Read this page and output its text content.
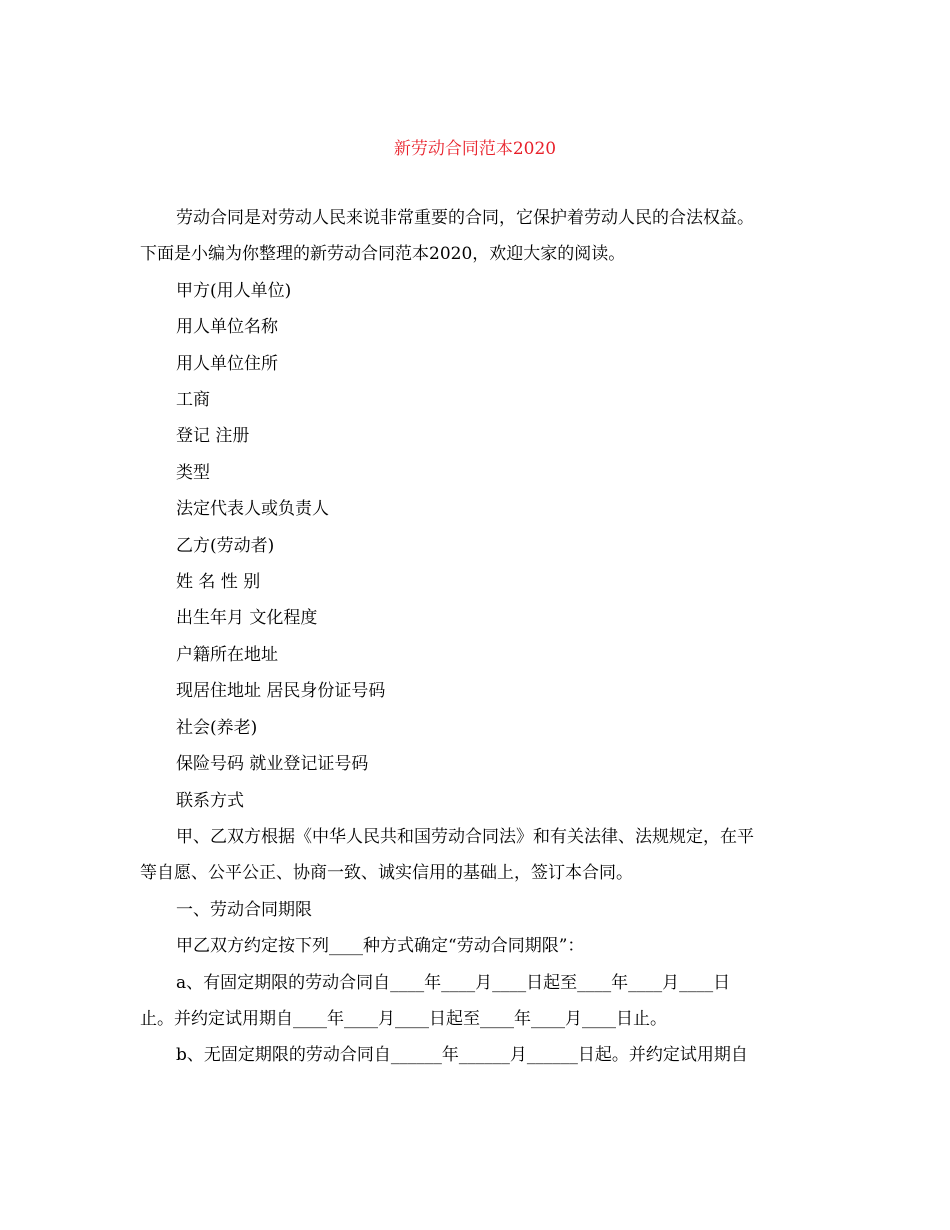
新劳动合同范本2020

劳动合同是对劳动人民来说非常重要的合同，它保护着劳动人民的合法权益。

下面是小编为你整理的新劳动合同范本2020，欢迎大家的阅读。

甲方(用人单位)

用人单位名称

用人单位住所

工商

登记 注册

类型

法定代表人或负责人

乙方(劳动者)

姓 名 性 别

出生年月 文化程度

户籍所在地址

现居住地址 居民身份证号码

社会(养老)

保险号码 就业登记证号码

联系方式

甲、乙双方根据《中华人民共和国劳动合同法》和有关法律、法规规定，在平

等自愿、公平公正、协商一致、诚实信用的基础上，签订本合同。

一、劳动合同期限

甲乙双方约定按下列____种方式确定“劳动合同期限”：

a、有固定期限的劳动合同自____年____月____日起至____年____月____日

止。并约定试用期自____年____月____日起至____年____月____日止。

b、无固定期限的劳动合同自______年______月______日起。并约定试用期自
